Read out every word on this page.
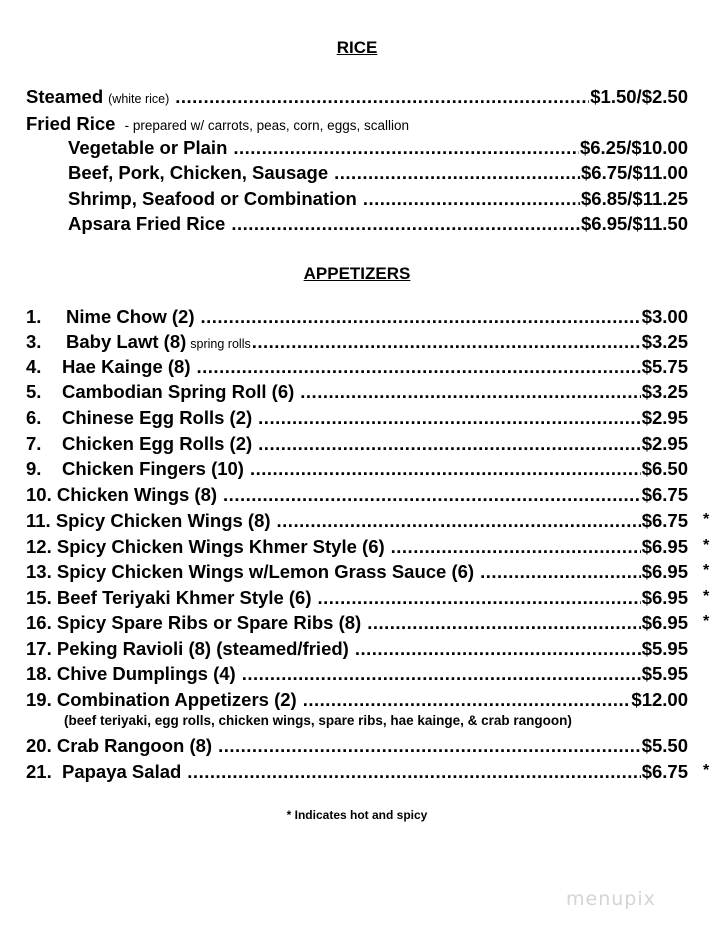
RICE
Steamed (white rice) .....	$1.50/$2.50
Fried Rice - prepared w/ carrots, peas, corn, eggs, scallion
Vegetable or Plain .....	$6.25/$10.00
Beef, Pork, Chicken, Sausage .....	$6.75/$11.00
Shrimp, Seafood or Combination .....	$6.85/$11.25
Apsara Fried Rice .....	$6.95/$11.50
APPETIZERS
1. Nime Chow (2) .....	$3.00
3. Baby Lawt (8) spring rolls .....	$3.25
4. Hae Kainge (8) .....	$5.75
5. Cambodian Spring Roll (6) .....	$3.25
6. Chinese Egg Rolls (2) .....	$2.95
7. Chicken Egg Rolls (2) .....	$2.95
9. Chicken Fingers (10) .....	$6.50
10. Chicken Wings (8) .....	$6.75
11. Spicy Chicken Wings (8) .....	$6.75 *
12. Spicy Chicken Wings Khmer Style (6) .....	$6.95 *
13. Spicy Chicken Wings w/Lemon Grass Sauce (6) .....	$6.95 *
15. Beef Teriyaki Khmer Style (6) .....	$6.95 *
16. Spicy Spare Ribs or Spare Ribs (8) .....	$6.95 *
17. Peking Ravioli (8) (steamed/fried) .....	$5.95
18. Chive Dumplings (4) .....	$5.95
19. Combination Appetizers (2) .....	$12.00
(beef teriyaki, egg rolls, chicken wings, spare ribs, hae kainge, & crab rangoon)
20. Crab Rangoon (8) .....	$5.50
21. Papaya Salad .....	$6.75 *
* Indicates hot and spicy
menupix
